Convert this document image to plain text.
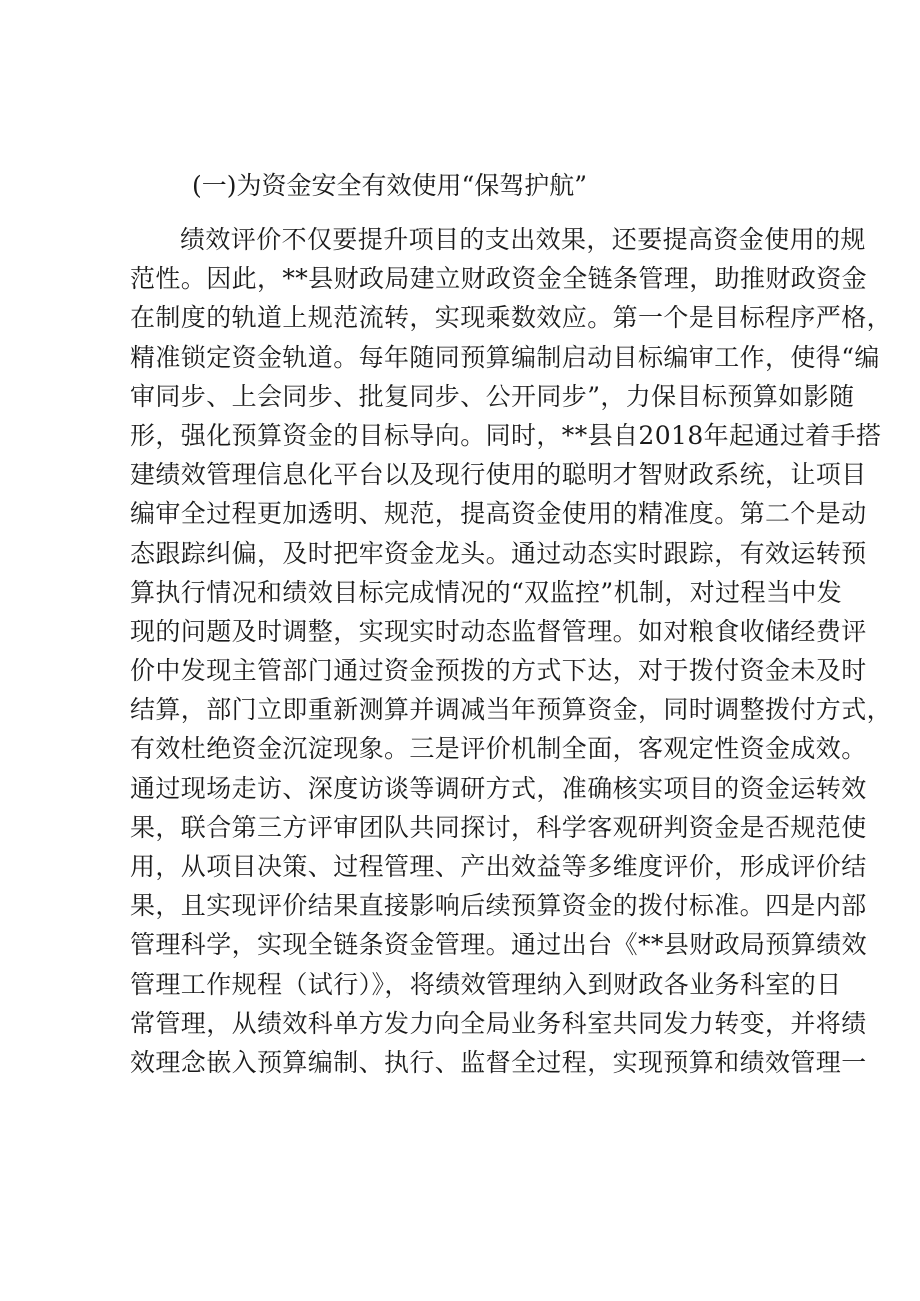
(一)为资金安全有效使用“保驾护航”
绩效评价不仅要提升项目的支出效果，还要提高资金使用的规
范性。因此，**县财政局建立财政资金全链条管理，助推财政资金
在制度的轨道上规范流转，实现乘数效应。第一个是目标程序严格，
精准锁定资金轨道。每年随同预算编制启动目标编审工作，使得“编
审同步、上会同步、批复同步、公开同步”，力保目标预算如影随
形，强化预算资金的目标导向。同时，**县自2018年起通过着手搭
建绩效管理信息化平台以及现行使用的聪明才智财政系统，让项目
编审全过程更加透明、规范，提高资金使用的精准度。第二个是动
态跟踪纠偏，及时把牢资金龙头。通过动态实时跟踪，有效运转预
算执行情况和绩效目标完成情况的“双监控”机制，对过程当中发
现的问题及时调整，实现实时动态监督管理。如对粮食收储经费评
价中发现主管部门通过资金预拨的方式下达，对于拨付资金未及时
结算，部门立即重新测算并调减当年预算资金，同时调整拨付方式，
有效杜绝资金沉淀现象。三是评价机制全面，客观定性资金成效。
通过现场走访、深度访谈等调研方式，准确核实项目的资金运转效
果，联合第三方评审团队共同探讨，科学客观研判资金是否规范使
用，从项目决策、过程管理、产出效益等多维度评价，形成评价结
果，且实现评价结果直接影响后续预算资金的拨付标准。四是内部
管理科学，实现全链条资金管理。通过出台《**县财政局预算绩效
管理工作规程（试行）》，将绩效管理纳入到财政各业务科室的日
常管理，从绩效科单方发力向全局业务科室共同发力转变，并将绩
效理念嵌入预算编制、执行、监督全过程，实现预算和绩效管理一
